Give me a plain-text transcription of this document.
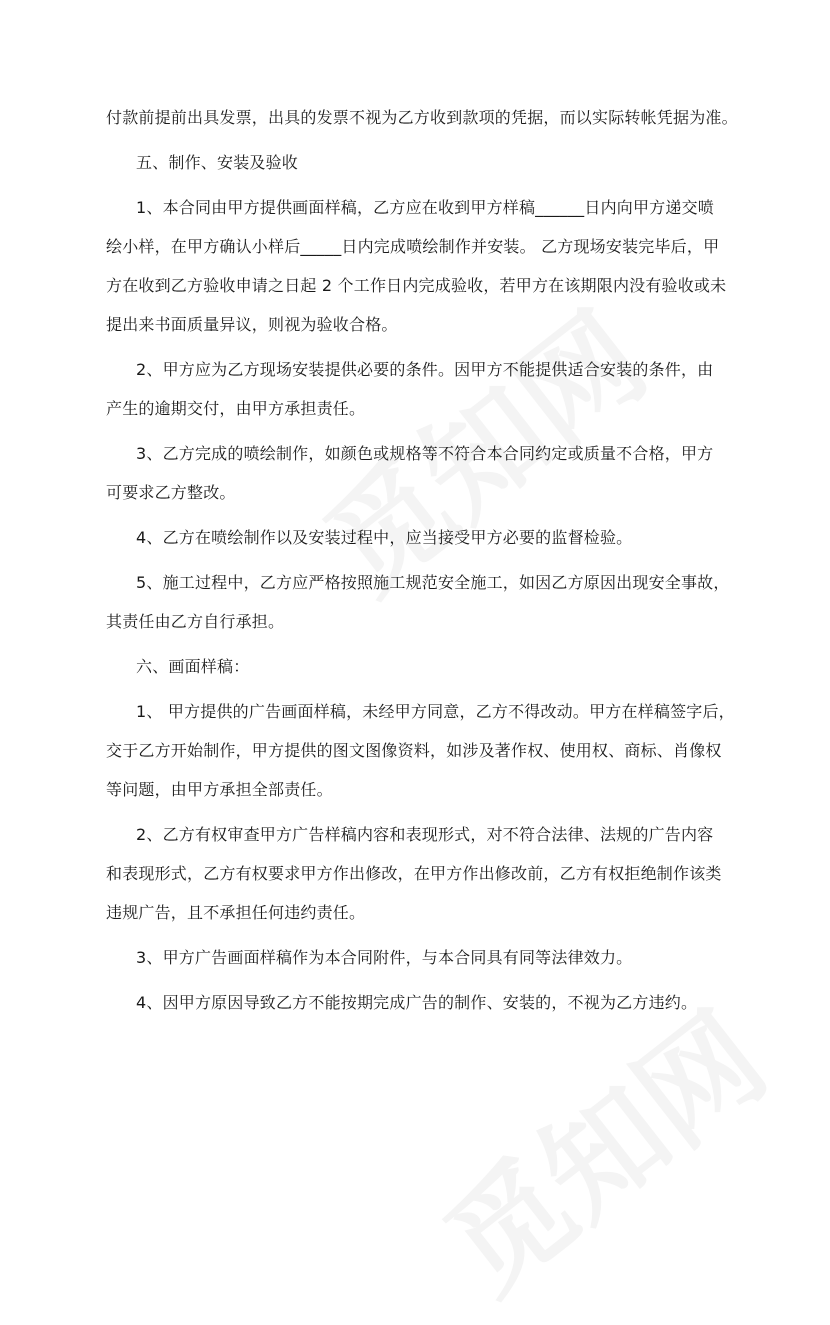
付款前提前出具发票，出具的发票不视为乙方收到款项的凭据，而以实际转帐凭据为准。

五、制作、安装及验收

1、本合同由甲方提供画面样稿，乙方应在收到甲方样稿______日内向甲方递交喷

绘小样，在甲方确认小样后_____日内完成喷绘制作并安装。 乙方现场安装完毕后，甲

方在收到乙方验收申请之日起 2 个工作日内完成验收，若甲方在该期限内没有验收或未

提出来书面质量异议，则视为验收合格。

2、甲方应为乙方现场安装提供必要的条件。因甲方不能提供适合安装的条件，由

产生的逾期交付，由甲方承担责任。

3、乙方完成的喷绘制作，如颜色或规格等不符合本合同约定或质量不合格，甲方

可要求乙方整改。

4、乙方在喷绘制作以及安装过程中，应当接受甲方必要的监督检验。

5、施工过程中，乙方应严格按照施工规范安全施工，如因乙方原因出现安全事故，

其责任由乙方自行承担。

六、画面样稿：

1、 甲方提供的广告画面样稿，未经甲方同意，乙方不得改动。甲方在样稿签字后，

交于乙方开始制作，甲方提供的图文图像资料，如涉及著作权、使用权、商标、肖像权

等问题，由甲方承担全部责任。

2、乙方有权审查甲方广告样稿内容和表现形式，对不符合法律、法规的广告内容

和表现形式，乙方有权要求甲方作出修改，在甲方作出修改前，乙方有权拒绝制作该类

违规广告，且不承担任何违约责任。

3、甲方广告画面样稿作为本合同附件，与本合同具有同等法律效力。

4、因甲方原因导致乙方不能按期完成广告的制作、安装的，不视为乙方违约。
